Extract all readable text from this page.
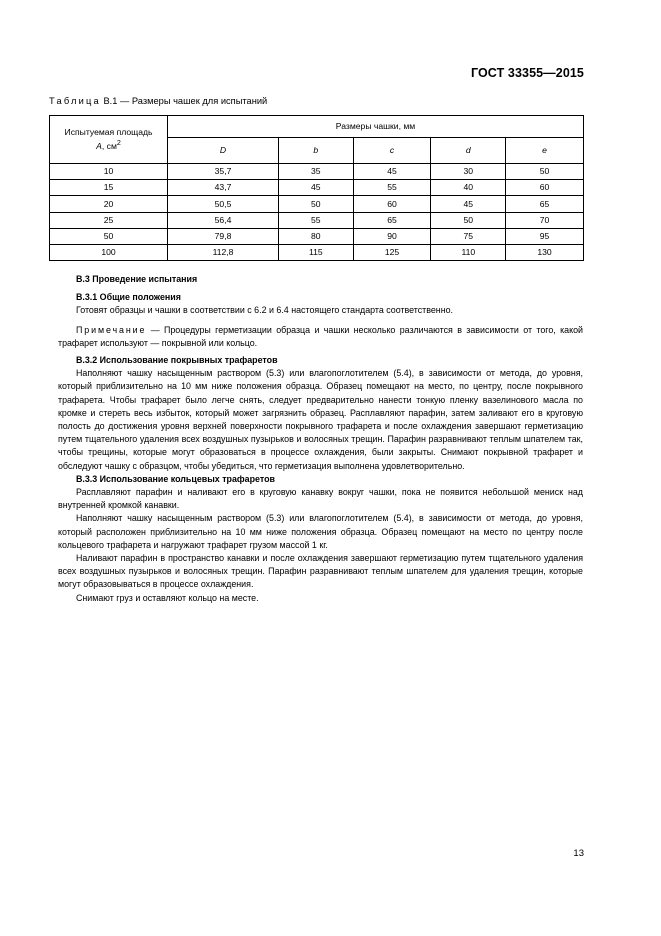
ГОСТ 33355—2015
Таблица В.1 — Размеры чашек для испытаний
Испытуемая площадь
A, $см^2$	Размеры чашки, мм				
	D	b	c	d	e
10	35,7	35	45	30	50
15	43,7	45	55	40	60
20	50,5	50	60	45	65
25	56,4	55	65	50	70
50	79,8	80	90	75	95
100	112,8	115	125	110	130

В.3 Проведение испытания

В.3.1 Общие положения

Готовят образцы и чашки в соответствии с 6.2 и 6.4 настоящего стандарта соответственно.

Примечание — Процедуры герметизации образца и чашки несколько различаются в зависимости от того, какой трафарет используют — покрывной или кольцо.

В.3.2 Использование покрывных трафаретов

Наполняют чашку насыщенным раствором (5.3) или влагопоглотителем (5.4), в зависимости от метода, до уровня, который приблизительно на 10 мм ниже положения образца. Образец помещают на место, по центру, после покрывного трафарета. Чтобы трафарет было легче снять, следует предварительно нанести тонкую пленку вазелинового масла по кромке и стереть весь избыток, который может загрязнить образец. Расплавляют парафин, затем заливают его в круговую полость до достижения уровня верхней поверхности покрывного трафарета и после охлаждения завершают герметизацию путем тщательного удаления всех воздушных пузырьков и волосяных трещин. Парафин разравнивают теплым шпателем так, чтобы трещины, которые могут образоваться в процессе охлаждения, были закрыты. Снимают покрывной трафарет и обследуют чашку с образцом, чтобы убедиться, что герметизация выполнена удовлетворительно.

В.3.3 Использование кольцевых трафаретов

Расплавляют парафин и наливают его в круговую канавку вокруг чашки, пока не появится небольшой мениск над внутренней кромкой канавки.

Наполняют чашку насыщенным раствором (5.3) или влагопоглотителем (5.4), в зависимости от метода, до уровня, который расположен приблизительно на 10 мм ниже положения образца. Образец помещают на место по центру после кольцевого трафарета и нагружают трафарет грузом массой 1 кг.

Наливают парафин в пространство канавки и после охлаждения завершают герметизацию путем тщательного удаления всех воздушных пузырьков и волосяных трещин. Парафин разравнивают теплым шпателем для удаления трещин, которые могут образовываться в процессе охлаждения.

Снимают груз и оставляют кольцо на месте.

13
